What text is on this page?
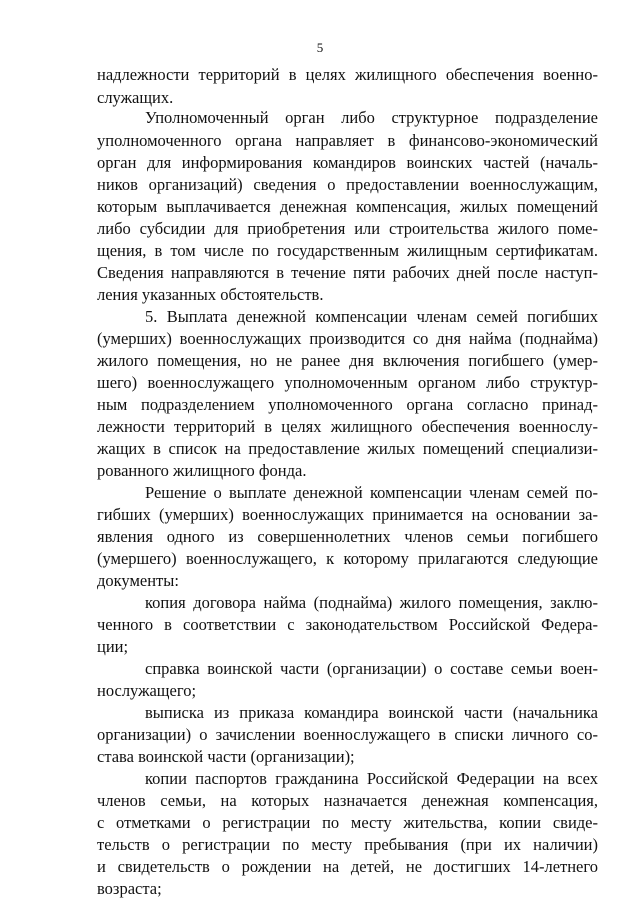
5
надлежности территорий в целях жилищного обеспечения военно-
служащих.
Уполномоченный орган либо структурное подразделение
уполномоченного органа направляет в финансово-экономический
орган для информирования командиров воинских частей (началь-
ников организаций) сведения о предоставлении военнослужащим,
которым выплачивается денежная компенсация, жилых помещений
либо субсидии для приобретения или строительства жилого поме-
щения, в том числе по государственным жилищным сертификатам.
Сведения направляются в течение пяти рабочих дней после наступ-
ления указанных обстоятельств.
5. Выплата денежной компенсации членам семей погибших
(умерших) военнослужащих производится со дня найма (поднайма)
жилого помещения, но не ранее дня включения погибшего (умер-
шего) военнослужащего уполномоченным органом либо структур-
ным подразделением уполномоченного органа согласно принад-
лежности территорий в целях жилищного обеспечения военнослу-
жащих в список на предоставление жилых помещений специализи-
рованного жилищного фонда.
Решение о выплате денежной компенсации членам семей по-
гибших (умерших) военнослужащих принимается на основании за-
явления одного из совершеннолетних членов семьи погибшего
(умершего) военнослужащего, к которому прилагаются следующие
документы:
копия договора найма (поднайма) жилого помещения, заклю-
ченного в соответствии с законодательством Российской Федера-
ции;
справка воинской части (организации) о составе семьи воен-
нослужащего;
выписка из приказа командира воинской части (начальника
организации) о зачислении военнослужащего в списки личного со-
става воинской части (организации);
копии паспортов гражданина Российской Федерации на всех
членов семьи, на которых назначается денежная компенсация,
с отметками о регистрации по месту жительства, копии свиде-
тельств о регистрации по месту пребывания (при их наличии)
и свидетельств о рождении на детей, не достигших 14-летнего
возраста;
